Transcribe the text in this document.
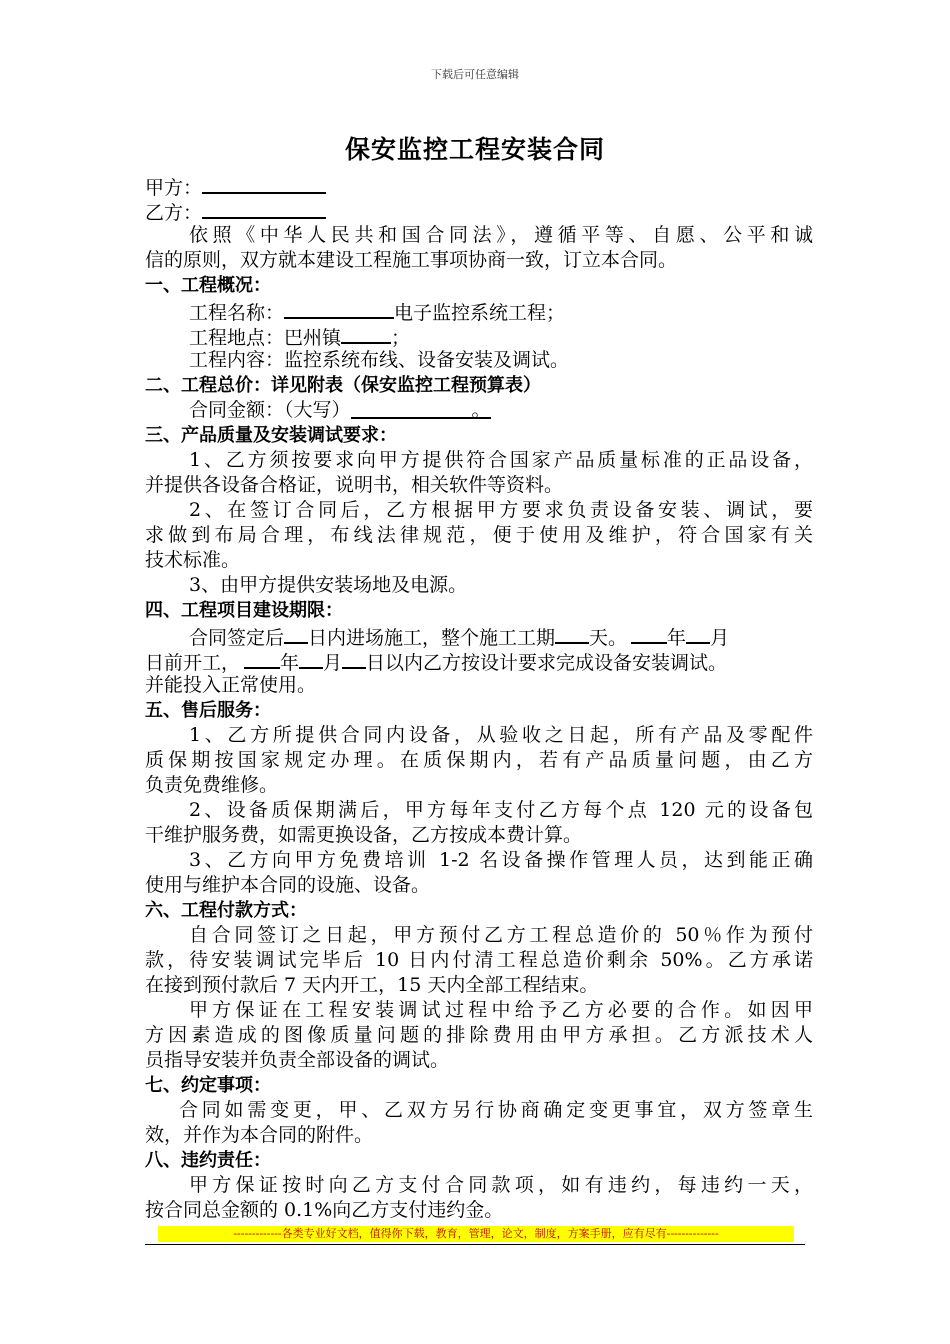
下载后可任意编辑
保安监控工程安装合同
甲方：
乙方：
依照《中华人民共和国合同法》，遵循平等、自愿、公平和诚
信的原则，双方就本建设工程施工事项协商一致，订立本合同。
一、工程概况：
工程名称：	电子监控系统工程；
工程地点：巴州镇	；
工程内容：监控系统布线、设备安装及调试。
二、工程总价：详见附表（保安监控工程预算表）
合同金额：（大写）	。
三、产品质量及安装调试要求：
1、乙方须按要求向甲方提供符合国家产品质量标准的正品设备，
并提供各设备合格证，说明书，相关软件等资料。
2、在签订合同后，乙方根据甲方要求负责设备安装、调试，要
求做到布局合理，布线法律规范，便于使用及维护，符合国家有关
技术标准。
3、由甲方提供安装场地及电源。
四、工程项目建设期限：
合同签定后 日内进场施工，整个施工工期 天。 年 月
日前开工， 年 月 日以内乙方按设计要求完成设备安装调试。
并能投入正常使用。
五、售后服务：
1、乙方所提供合同内设备，从验收之日起，所有产品及零配件
质保期按国家规定办理。在质保期内，若有产品质量问题，由乙方
负责免费维修。
2、设备质保期满后，甲方每年支付乙方每个点 120 元的设备包
干维护服务费，如需更换设备，乙方按成本费计算。
3、乙方向甲方免费培训 1-2 名设备操作管理人员，达到能正确
使用与维护本合同的设施、设备。
六、工程付款方式：
自合同签订之日起，甲方预付乙方工程总造价的 50％作为预付
款，待安装调试完毕后 10 日内付清工程总造价剩余 50%。乙方承诺
在接到预付款后 7 天内开工，15 天内全部工程结束。
甲方保证在工程安装调试过程中给予乙方必要的合作。如因甲
方因素造成的图像质量问题的排除费用由甲方承担。乙方派技术人
员指导安装并负责全部设备的调试。
七、约定事项：
合同如需变更，甲、乙双方另行协商确定变更事宜，双方签章生
效，并作为本合同的附件。
八、违约责任：
甲方保证按时向乙方支付合同款项，如有违约，每违约一天，
按合同总金额的 0.1%向乙方支付违约金。
-------------各类专业好文档，值得你下载，教育，管理，论文，制度，方案手册，应有尽有--------------
